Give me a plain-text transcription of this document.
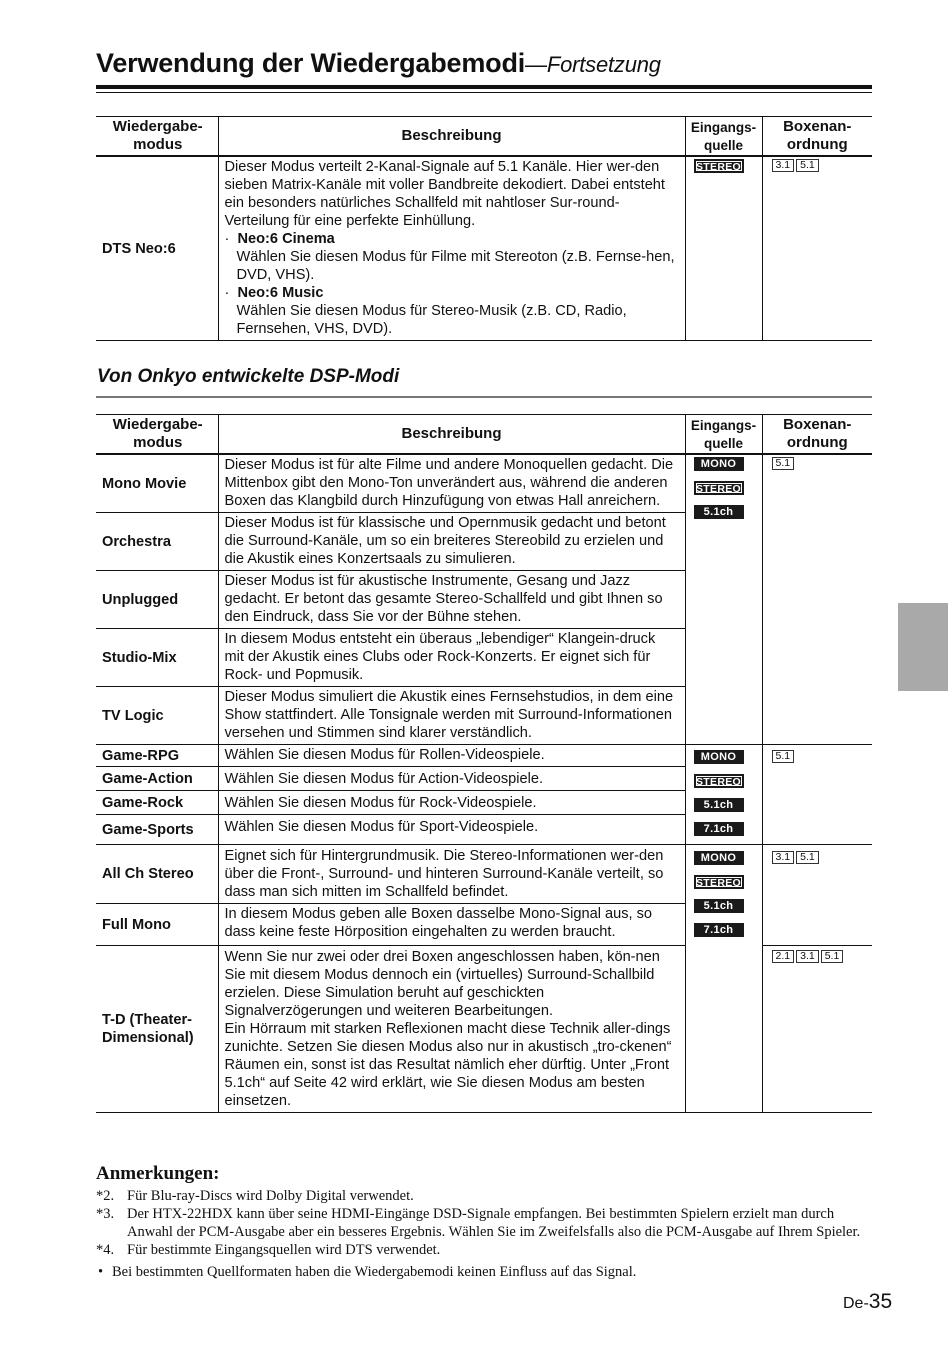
Verwendung der Wiedergabemodi—Fortsetzung
Wiedergabe-
modus	Beschreibung	Eingangs-
quelle	Boxenan-
ordnung
DTS Neo:6	Dieser Modus verteilt 2-Kanal-Signale auf 5.1 Kanäle. Hier wer-den sieben Matrix-Kanäle mit voller Bandbreite dekodiert. Dabei entsteht ein besonders natürliches Schallfeld mit nahtloser Sur-round-Verteilung für eine perfekte Einhüllung.
·  Neo:6 Cinema
Wählen Sie diesen Modus für Filme mit Stereoton (z.B. Fernse-hen, DVD, VHS).
·  Neo:6 Music
Wählen Sie diesen Modus für Stereo-Musik (z.B. CD, Radio, Fernsehen, VHS, DVD).	STEREO	3.1 5.1
Von Onkyo entwickelte DSP-Modi
Wiedergabe-
modus	Beschreibung	Eingangs-
quelle	Boxenan-
ordnung
Mono Movie	Dieser Modus ist für alte Filme und andere Monoquellen gedacht. Die Mittenbox gibt den Mono-Ton unverändert aus, während die anderen Boxen das Klangbild durch Hinzufügung von etwas Hall anreichern.	MONO
STEREO
5.1ch	5.1
Orchestra	Dieser Modus ist für klassische und Opernmusik gedacht und betont die Surround-Kanäle, um so ein breiteres Stereobild zu erzielen und die Akustik eines Konzertsaals zu simulieren.		
Unplugged	Dieser Modus ist für akustische Instrumente, Gesang und Jazz gedacht. Er betont das gesamte Stereo-Schallfeld und gibt Ihnen so den Eindruck, dass Sie vor der Bühne stehen.		
Studio-Mix	In diesem Modus entsteht ein überaus „lebendiger“ Klangein-druck mit der Akustik eines Clubs oder Rock-Konzerts. Er eignet sich für Rock- und Popmusik.		
TV Logic	Dieser Modus simuliert die Akustik eines Fernsehstudios, in dem eine Show stattfindert. Alle Tonsignale werden mit Surround-Informationen versehen und Stimmen sind klarer verständlich.		
Game-RPG	Wählen Sie diesen Modus für Rollen-Videospiele.	MONO
STEREO
5.1ch
7.1ch	5.1
Game-Action	Wählen Sie diesen Modus für Action-Videospiele.		
Game-Rock	Wählen Sie diesen Modus für Rock-Videospiele.		
Game-Sports	Wählen Sie diesen Modus für Sport-Videospiele.		
All Ch Stereo	Eignet sich für Hintergrundmusik. Die Stereo-Informationen wer-den über die Front-, Surround- und hinteren Surround-Kanäle verteilt, so dass man sich mitten im Schallfeld befindet.	MONO
STEREO
5.1ch
7.1ch	3.1 5.1
Full Mono	In diesem Modus geben alle Boxen dasselbe Mono-Signal aus, so dass keine feste Hörposition eingehalten zu werden braucht.		
T-D (Theater-
Dimensional)	Wenn Sie nur zwei oder drei Boxen angeschlossen haben, kön-nen Sie mit diesem Modus dennoch ein (virtuelles) Surround-Schallbild erzielen. Diese Simulation beruht auf geschickten Signalverzögerungen und weiteren Bearbeitungen.
Ein Hörraum mit starken Reflexionen macht diese Technik aller-dings zunichte. Setzen Sie diesen Modus also nur in akustisch „tro-ckenen“ Räumen ein, sonst ist das Resultat nämlich eher dürftig. Unter „Front 5.1ch“ auf Seite 42 wird erklärt, wie Sie diesen Modus am besten einsetzen.		2.1 3.1 5.1
Anmerkungen:
*2. Für Blu-ray-Discs wird Dolby Digital verwendet.
*3. Der HTX-22HDX kann über seine HDMI-Eingänge DSD-Signale empfangen. Bei bestimmten Spielern erzielt man durch Anwahl der PCM-Ausgabe aber ein besseres Ergebnis. Wählen Sie im Zweifelsfalls also die PCM-Ausgabe auf Ihrem Spieler.
*4. Für bestimmte Eingangsquellen wird DTS verwendet.
• Bei bestimmten Quellformaten haben die Wiedergabemodi keinen Einfluss auf das Signal.
De-35
